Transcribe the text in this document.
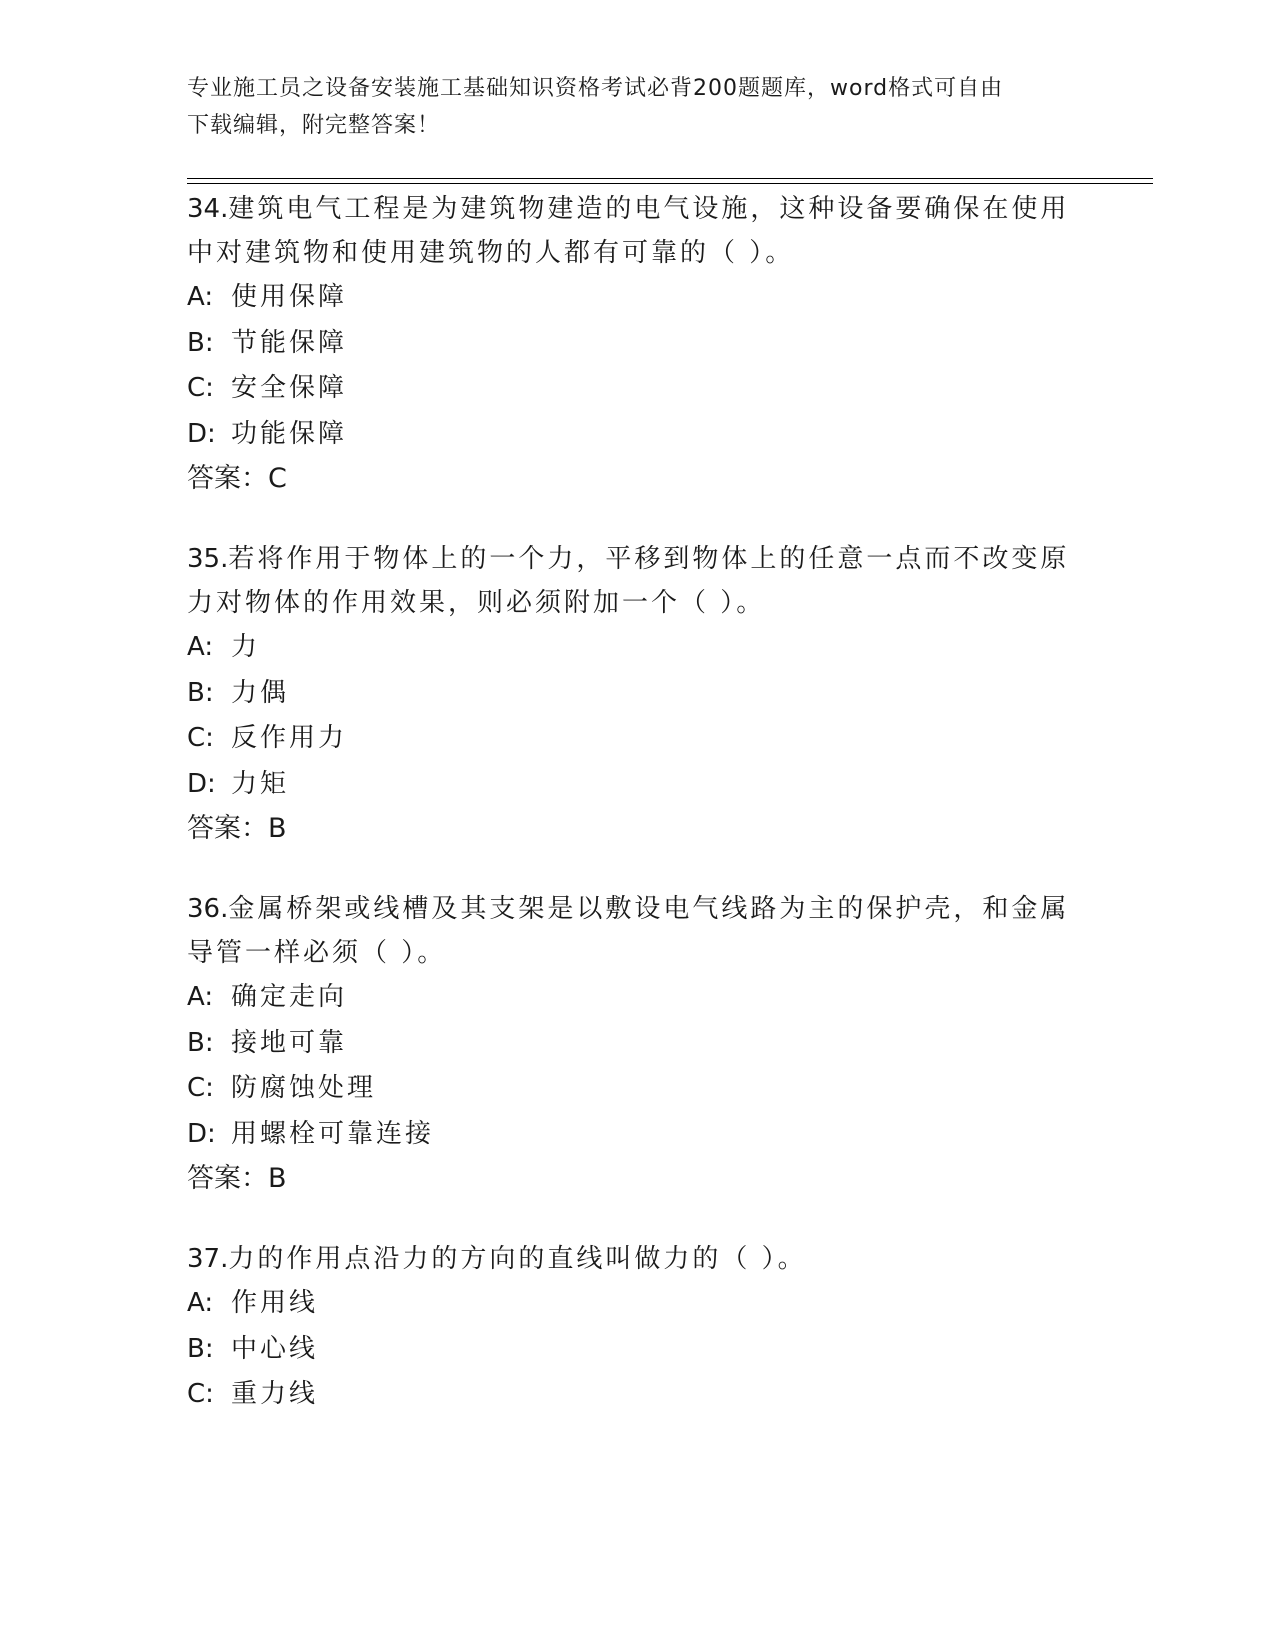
专业施工员之设备安装施工基础知识资格考试必背200题题库，word格式可自由
下载编辑，附完整答案！
34.建筑电气工程是为建筑物建造的电气设施，这种设备要确保在使用
中对建筑物和使用建筑物的人都有可靠的（ ）。
A: 使用保障
B: 节能保障
C: 安全保障
D: 功能保障
答案：C
35.若将作用于物体上的一个力，平移到物体上的任意一点而不改变原
力对物体的作用效果，则必须附加一个（ ）。
A: 力
B: 力偶
C: 反作用力
D: 力矩
答案：B
36.金属桥架或线槽及其支架是以敷设电气线路为主的保护壳，和金属
导管一样必须（ ）。
A: 确定走向
B: 接地可靠
C: 防腐蚀处理
D: 用螺栓可靠连接
答案：B
37.力的作用点沿力的方向的直线叫做力的（ ）。
A: 作用线
B: 中心线
C: 重力线
